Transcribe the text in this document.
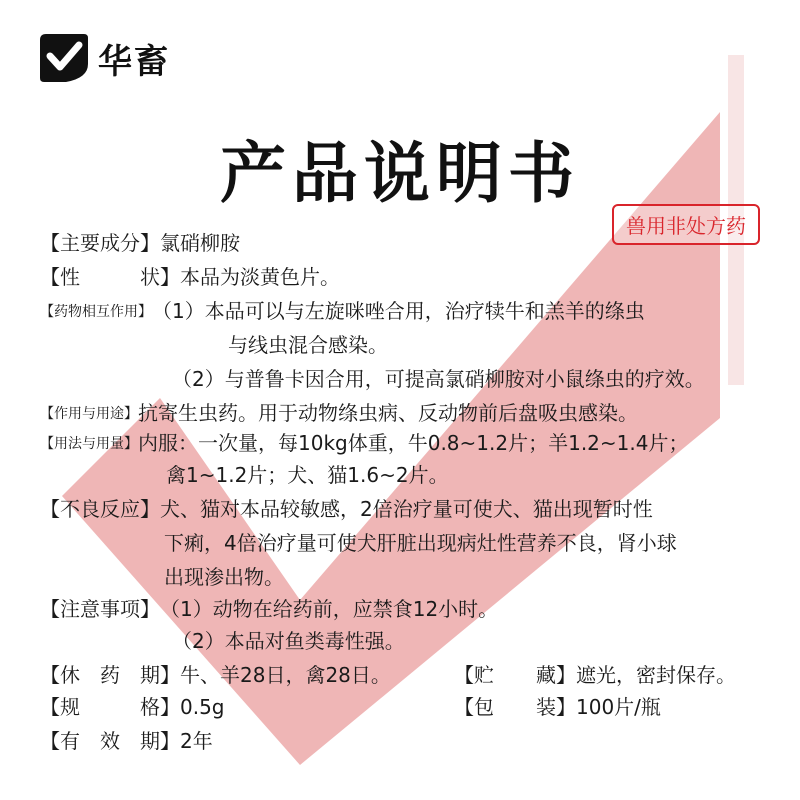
华畜
产品说明书
兽用非处方药
【主要成分】氯硝柳胺
【 性	状 】本品为淡黄色片。
【药物相互作用】（1）本品可以与左旋咪唑合用，治疗犊牛和羔羊的绦虫
与线虫混合感染。
（2）与普鲁卡因合用，可提高氯硝柳胺对小鼠绦虫的疗效。
【作用与用途】抗寄生虫药。用于动物绦虫病、反动物前后盘吸虫感染。
【用法与用量】内服：一次量，每10kg体重，牛0.8~1.2片；羊1.2~1.4片；
禽1~1.2片；犬、猫1.6~2片。
【不良反应】犬、猫对本品较敏感，2倍治疗量可使犬、猫出现暂时性
下痢，4倍治疗量可使犬肝脏出现病灶性营养不良，肾小球
出现渗出物。
【注意事项】（1）动物在给药前，应禁食12小时。
（2）本品对鱼类毒性强。
【 休 药 期 】牛、羊28日，禽28日。	【 贮 藏 】遮光，密封保存。
【 规	格 】0.5g	【 包 装 】100片/瓶
【 有 效 期 】2年
